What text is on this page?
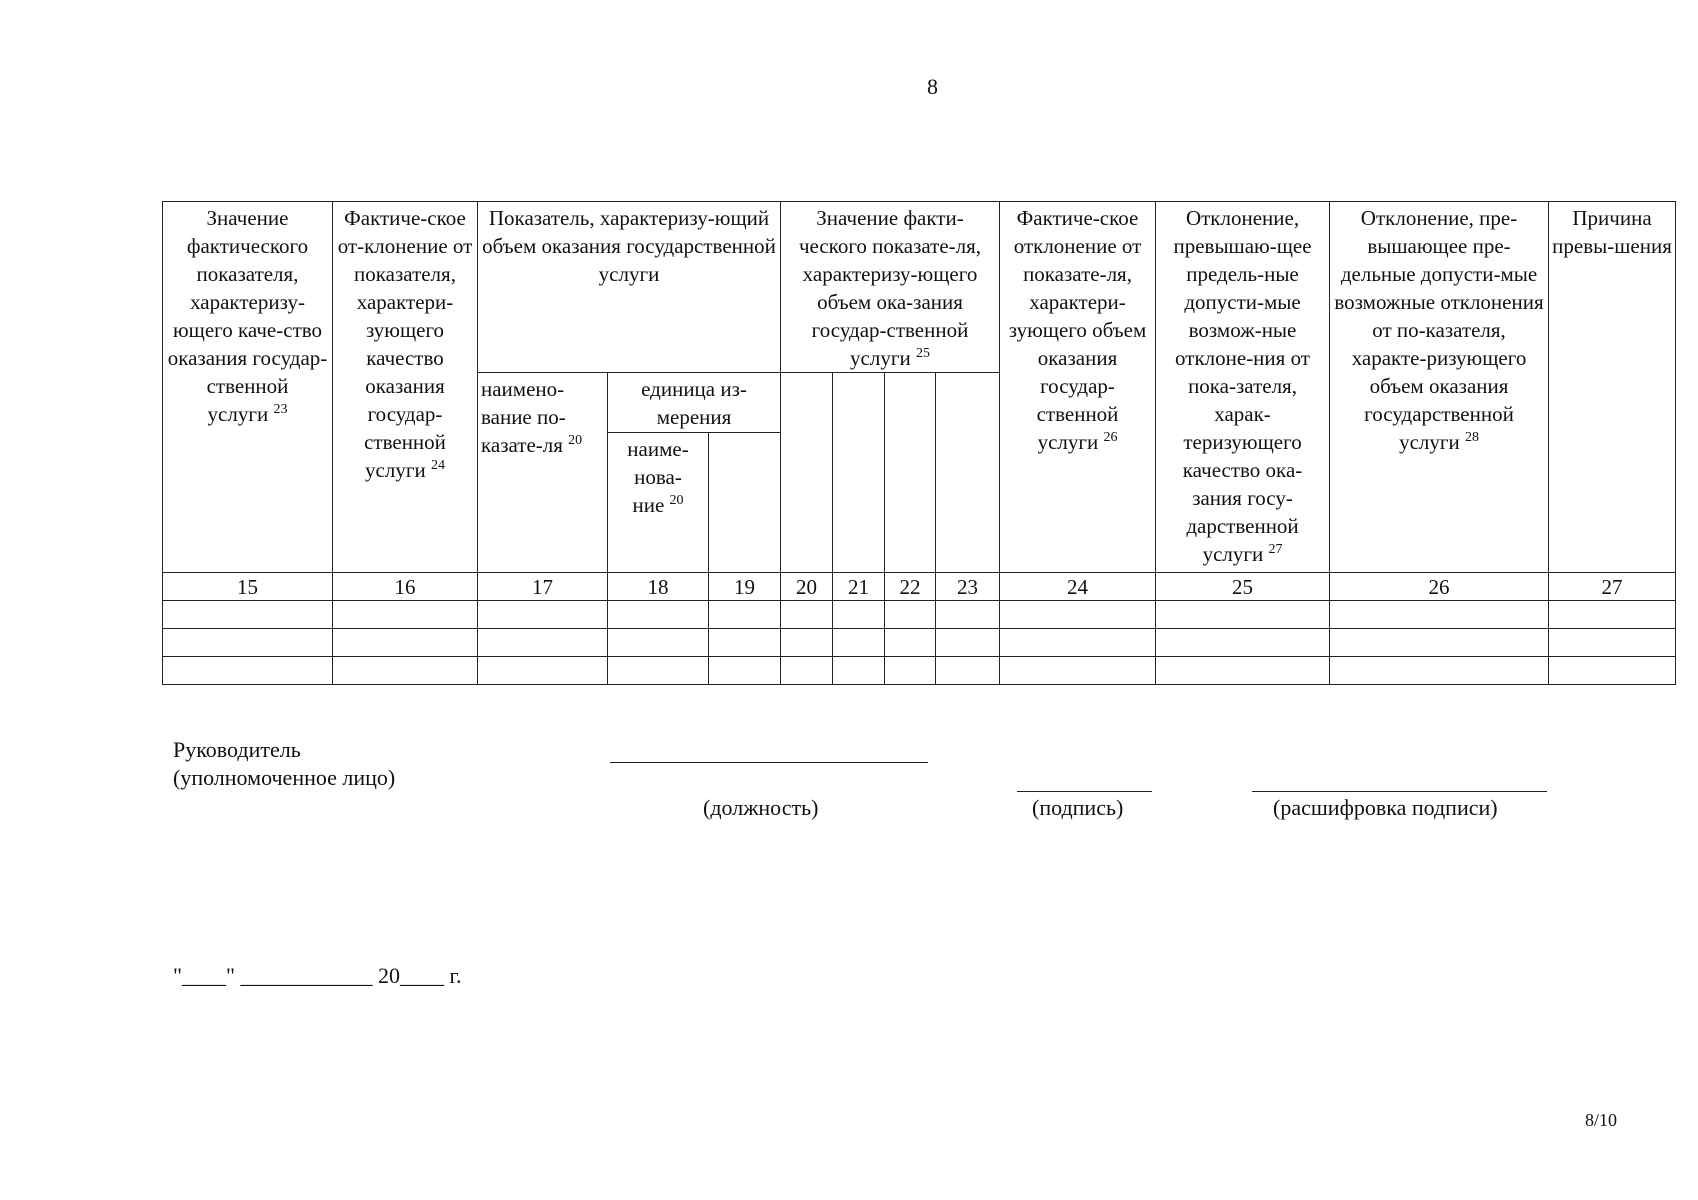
8
Значение фактического показателя, характеризу-ющего каче-ство оказания государ-ственной услуги $^{23}$	Фактиче-ское от-клонение от показателя, характери-зующего качество оказания государ-ственной услуги $^{24}$	Показатель, характеризу-ющий объем оказания государственной услуги			Значение факти-ческого показате-ля, характеризу-ющего объем ока-зания государ-ственной услуги $^{25}$				Фактиче-ское отклонение от показате-ля, характери-зующего объем оказания государ-ственной услуги $^{26}$	Отклонение, превышаю-щее предель-ные допусти-мые возмож-ные отклоне-ния от пока-зателя, харак-теризующего качество ока-зания госу-дарственной услуги $^{27}$	Отклонение, пре-вышающее пре-дельные допусти-мые возможные отклонения от по-казателя, характе-ризующего объем оказания государственной услуги $^{28}$	Причина превы-шения
		наимено-вание по-казате-ля $^{20}$	единица из-мерения									
			наиме-нова-ние $^{20}$	
15	16	17	18	19	20	21	22	23	24	25	26	27

Руководитель
(уполномоченное лицо)
(должность)	(подпись)	(расшифровка подписи)
"____" ____________ 20____ г.
8/10
